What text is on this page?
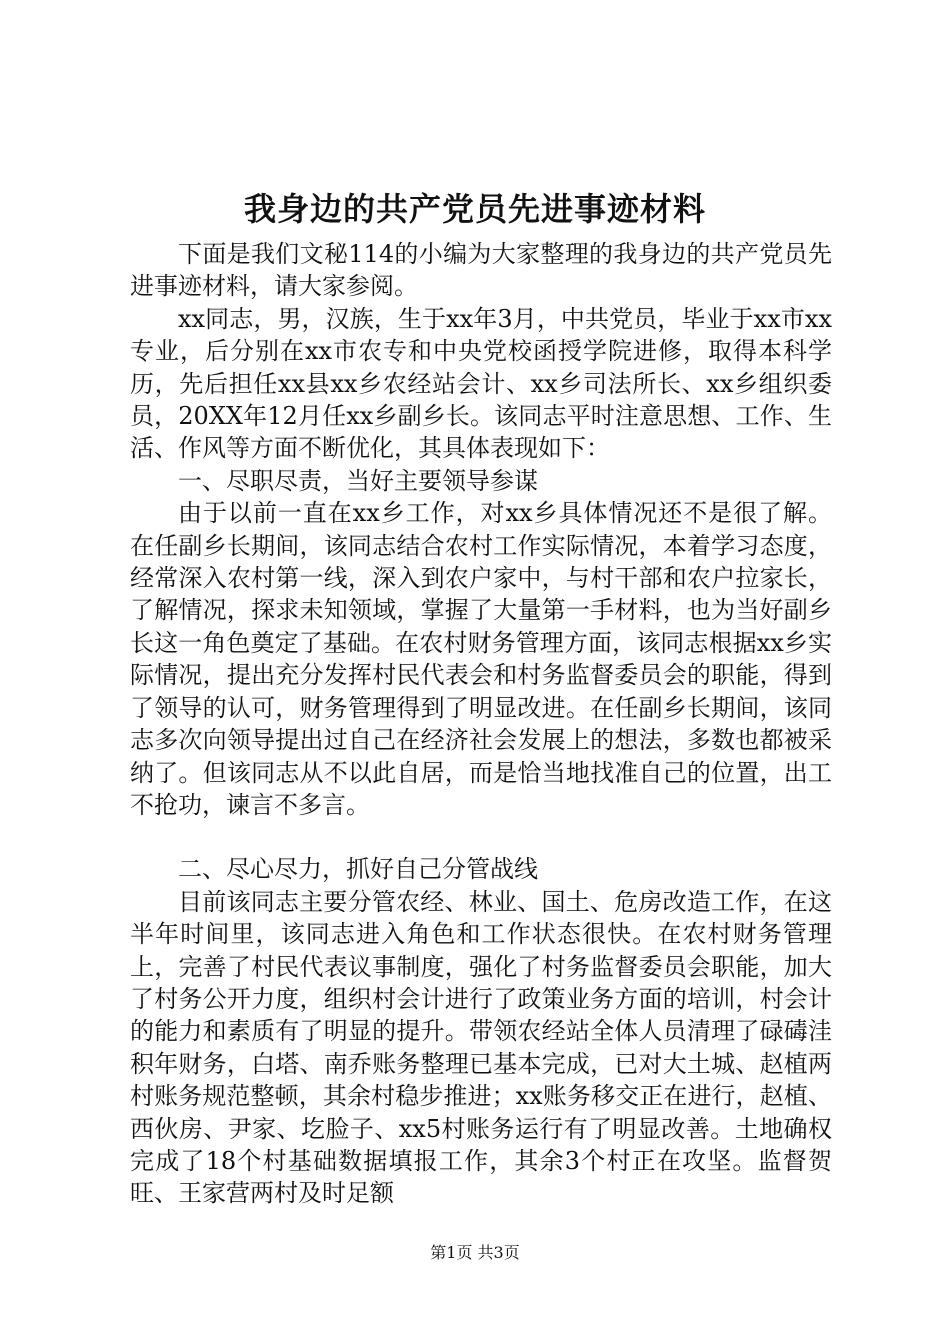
我身边的共产党员先进事迹材料

下面是我们文秘114的小编为大家整理的我身边的共产党员先进事迹材料，请大家参阅。

xx同志，男，汉族，生于xx年3月，中共党员，毕业于xx市xx专业，后分别在xx市农专和中央党校函授学院进修，取得本科学历，先后担任xx县xx乡农经站会计、xx乡司法所长、xx乡组织委员，20XX年12月任xx乡副乡长。该同志平时注意思想、工作、生活、作风等方面不断优化，其具体表现如下：

一、尽职尽责，当好主要领导参谋

由于以前一直在xx乡工作，对xx乡具体情况还不是很了解。在任副乡长期间，该同志结合农村工作实际情况，本着学习态度，经常深入农村第一线，深入到农户家中，与村干部和农户拉家长，了解情况，探求未知领域，掌握了大量第一手材料，也为当好副乡长这一角色奠定了基础。在农村财务管理方面，该同志根据xx乡实际情况，提出充分发挥村民代表会和村务监督委员会的职能，得到了领导的认可，财务管理得到了明显改进。在任副乡长期间，该同志多次向领导提出过自己在经济社会发展上的想法，多数也都被采纳了。但该同志从不以此自居，而是恰当地找准自己的位置，出工不抢功，谏言不多言。

二、尽心尽力，抓好自己分管战线

目前该同志主要分管农经、林业、国土、危房改造工作，在这半年时间里，该同志进入角色和工作状态很快。在农村财务管理上，完善了村民代表议事制度，强化了村务监督委员会职能，加大了村务公开力度，组织村会计进行了政策业务方面的培训，村会计的能力和素质有了明显的提升。带领农经站全体人员清理了碌碡洼积年财务，白塔、南乔账务整理已基本完成，已对大土城、赵植两村账务规范整顿，其余村稳步推进；xx账务移交正在进行，赵植、西伙房、尹家、圪脸子、xx5村账务运行有了明显改善。土地确权完成了18个村基础数据填报工作，其余3个村正在攻坚。监督贺旺、王家营两村及时足额

第1页 共3页
